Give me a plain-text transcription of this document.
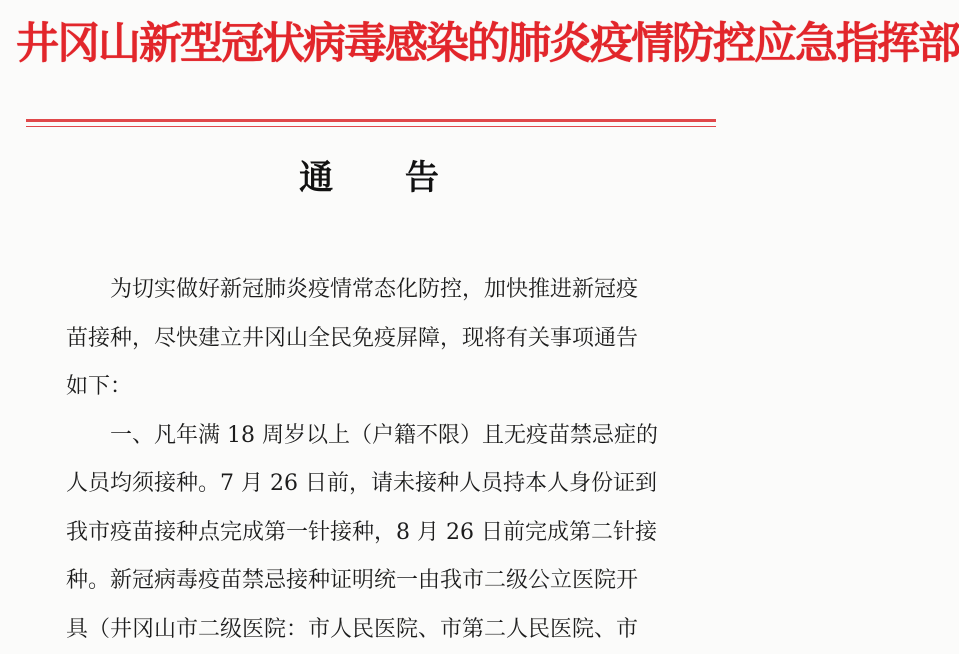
井冈山新型冠状病毒感染的肺炎疫情防控应急指挥部
通 告
为切实做好新冠肺炎疫情常态化防控，加快推进新冠疫
苗接种，尽快建立井冈山全民免疫屏障，现将有关事项通告
如下：
一、凡年满 18 周岁以上（户籍不限）且无疫苗禁忌症的
人员均须接种。7 月 26 日前，请未接种人员持本人身份证到
我市疫苗接种点完成第一针接种，8 月 26 日前完成第二针接
种。新冠病毒疫苗禁忌接种证明统一由我市二级公立医院开
具（井冈山市二级医院：市人民医院、市第二人民医院、市
